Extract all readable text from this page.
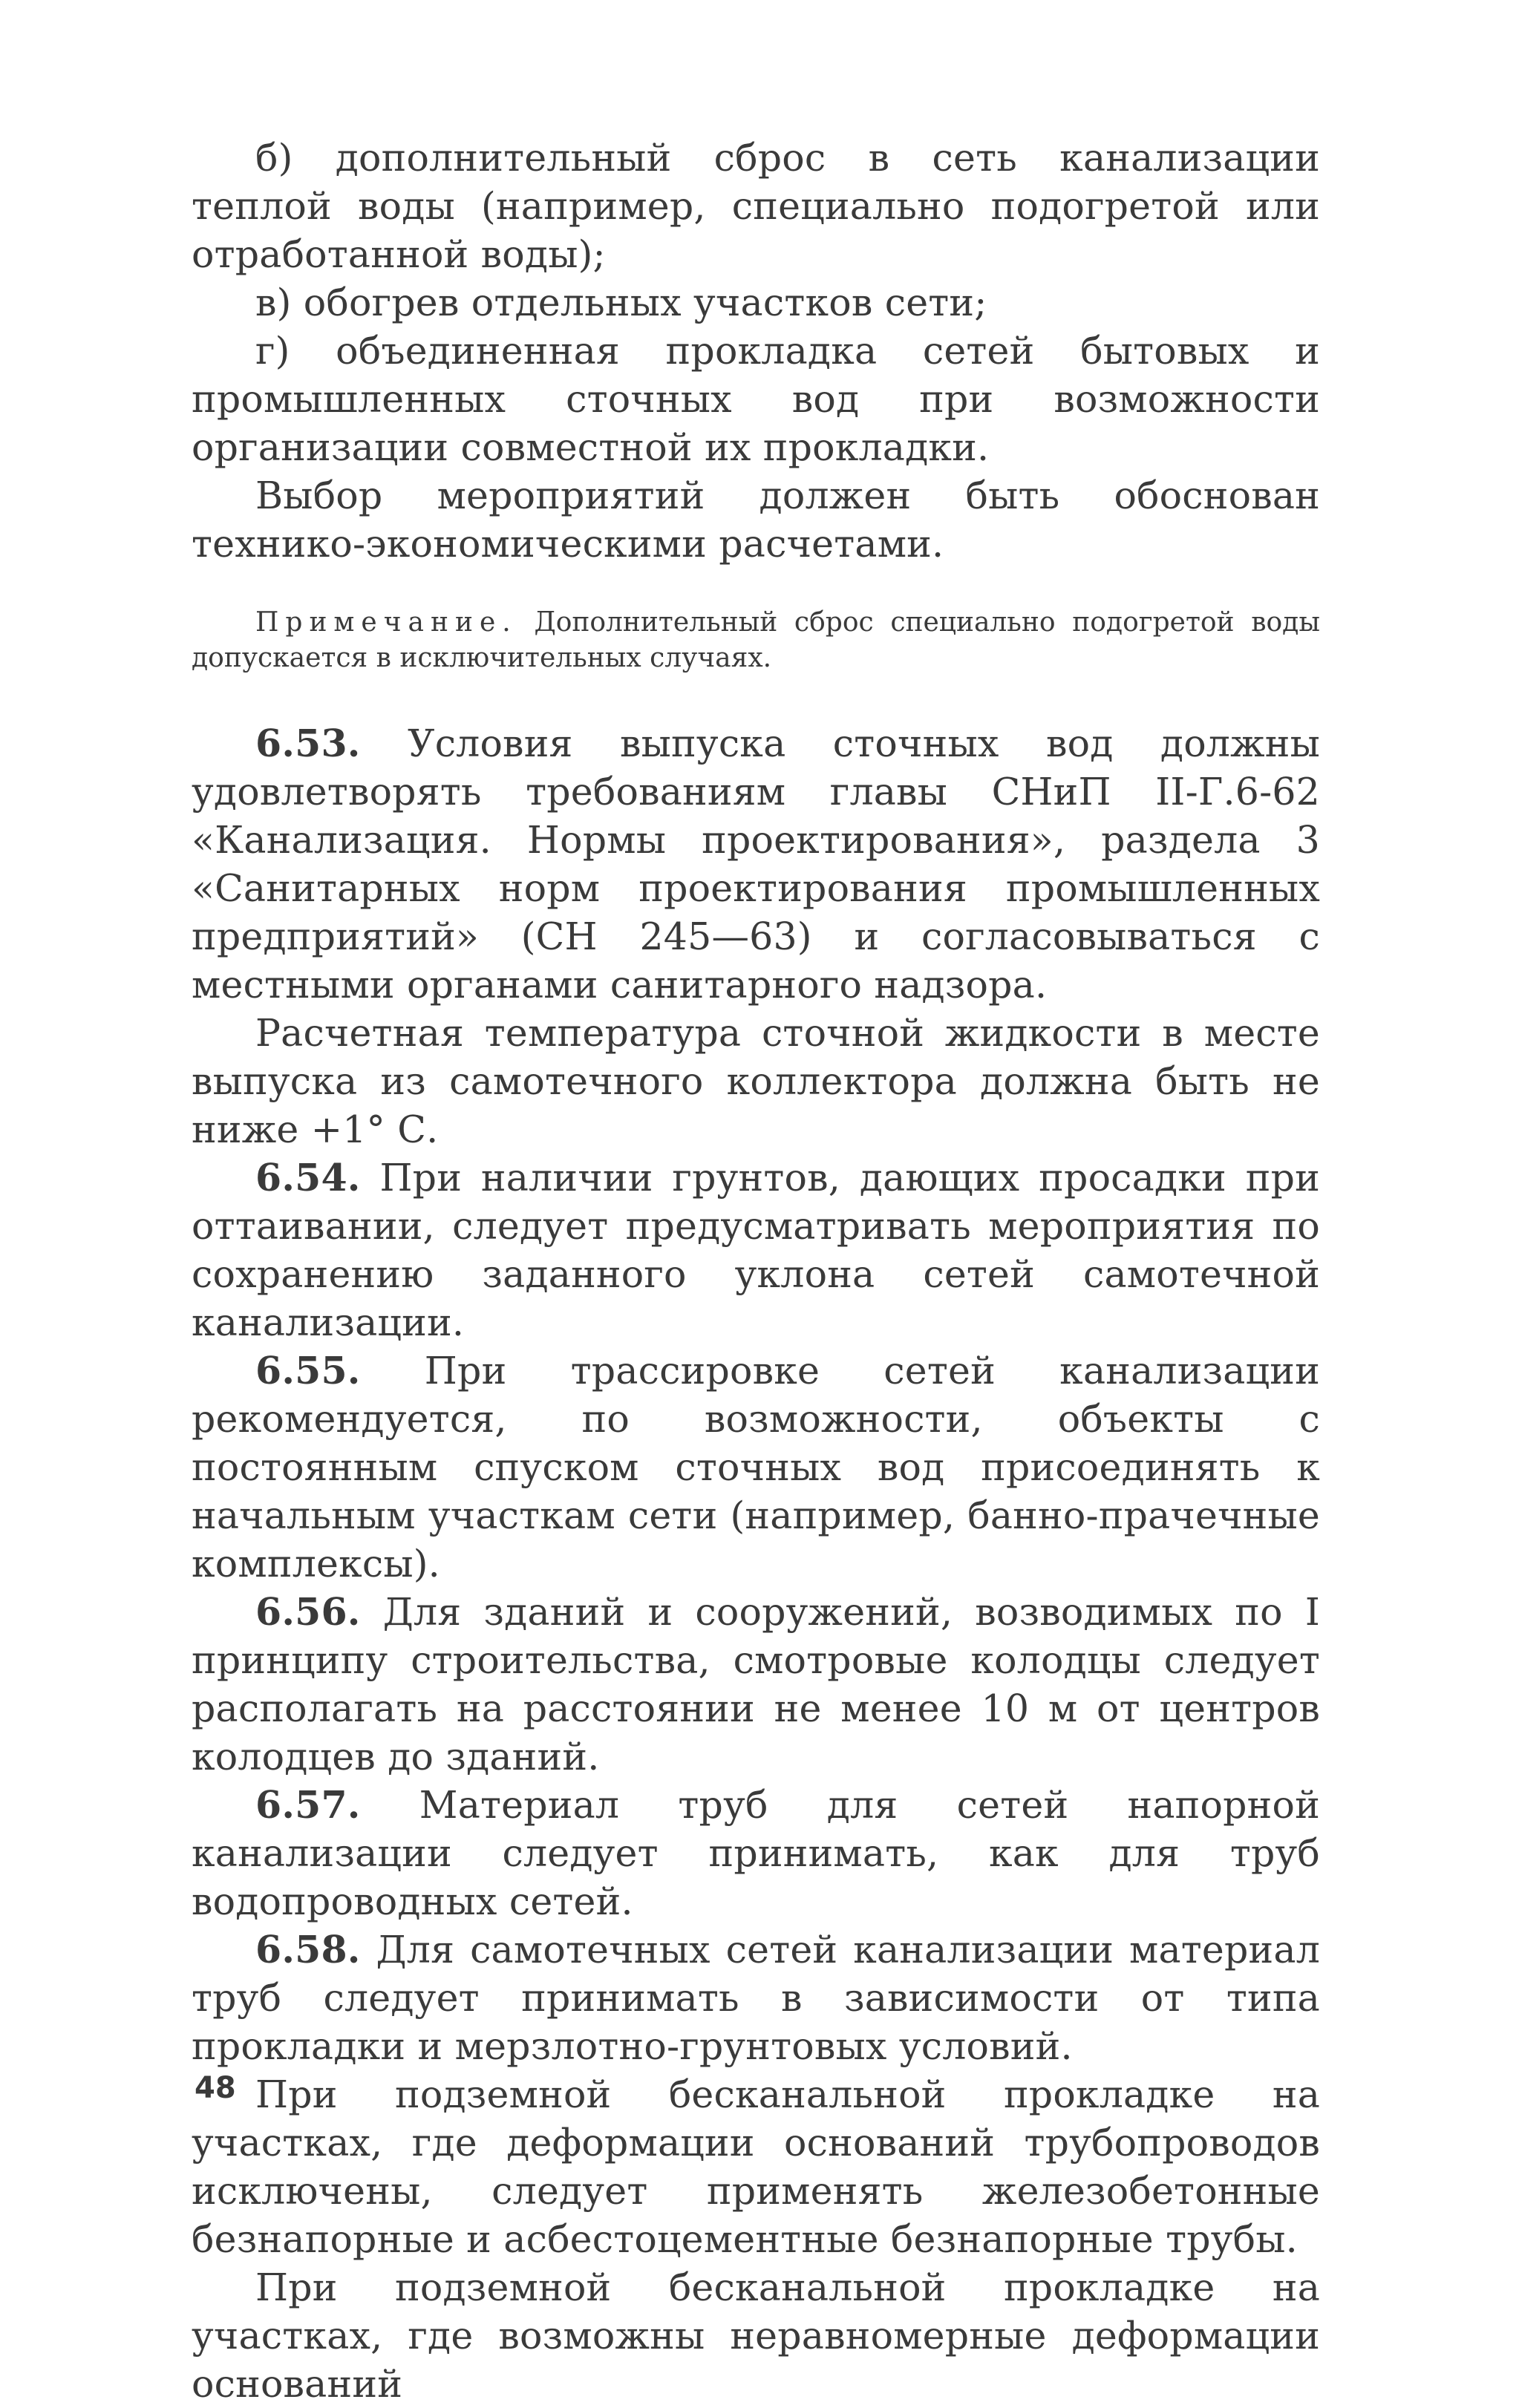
б) дополнительный сброс в сеть канализации теплой воды (например, специально подогретой или отработанной воды);

в) обогрев отдельных участков сети;

г) объединенная прокладка сетей бытовых и промышленных сточных вод при возможности организации совместной их прокладки.

Выбор мероприятий должен быть обоснован технико-экономическими расчетами.

Примечание. Дополнительный сброс специально подогретой воды допускается в исключительных случаях.

6.53. Условия выпуска сточных вод должны удовлетворять требованиям главы СНиП II-Г.6-62 «Канализация. Нормы проектирования», раздела 3 «Санитарных норм проектирования промышленных предприятий» (СН 245—63) и согласовываться с местными органами санитарного надзора.

Расчетная температура сточной жидкости в месте выпуска из самотечного коллектора должна быть не ниже +1° С.

6.54. При наличии грунтов, дающих просадки при оттаивании, следует предусматривать мероприятия по сохранению заданного уклона сетей самотечной канализации.

6.55. При трассировке сетей канализации рекомендуется, по возможности, объекты с постоянным спуском сточных вод присоединять к начальным участкам сети (например, банно-прачечные комплексы).

6.56. Для зданий и сооружений, возводимых по I принципу строительства, смотровые колодцы следует располагать на расстоянии не менее 10 м от центров колодцев до зданий.

6.57. Материал труб для сетей напорной канализации следует принимать, как для труб водопроводных сетей.

6.58. Для самотечных сетей канализации материал труб следует принимать в зависимости от типа прокладки и мерзлотно-грунтовых условий.

При подземной бесканальной прокладке на участках, где деформации оснований трубопроводов исключены, следует применять железобетонные безнапорные и асбестоцементные безнапорные трубы.

При подземной бесканальной прокладке на участках, где возможны неравномерные деформации оснований

48
